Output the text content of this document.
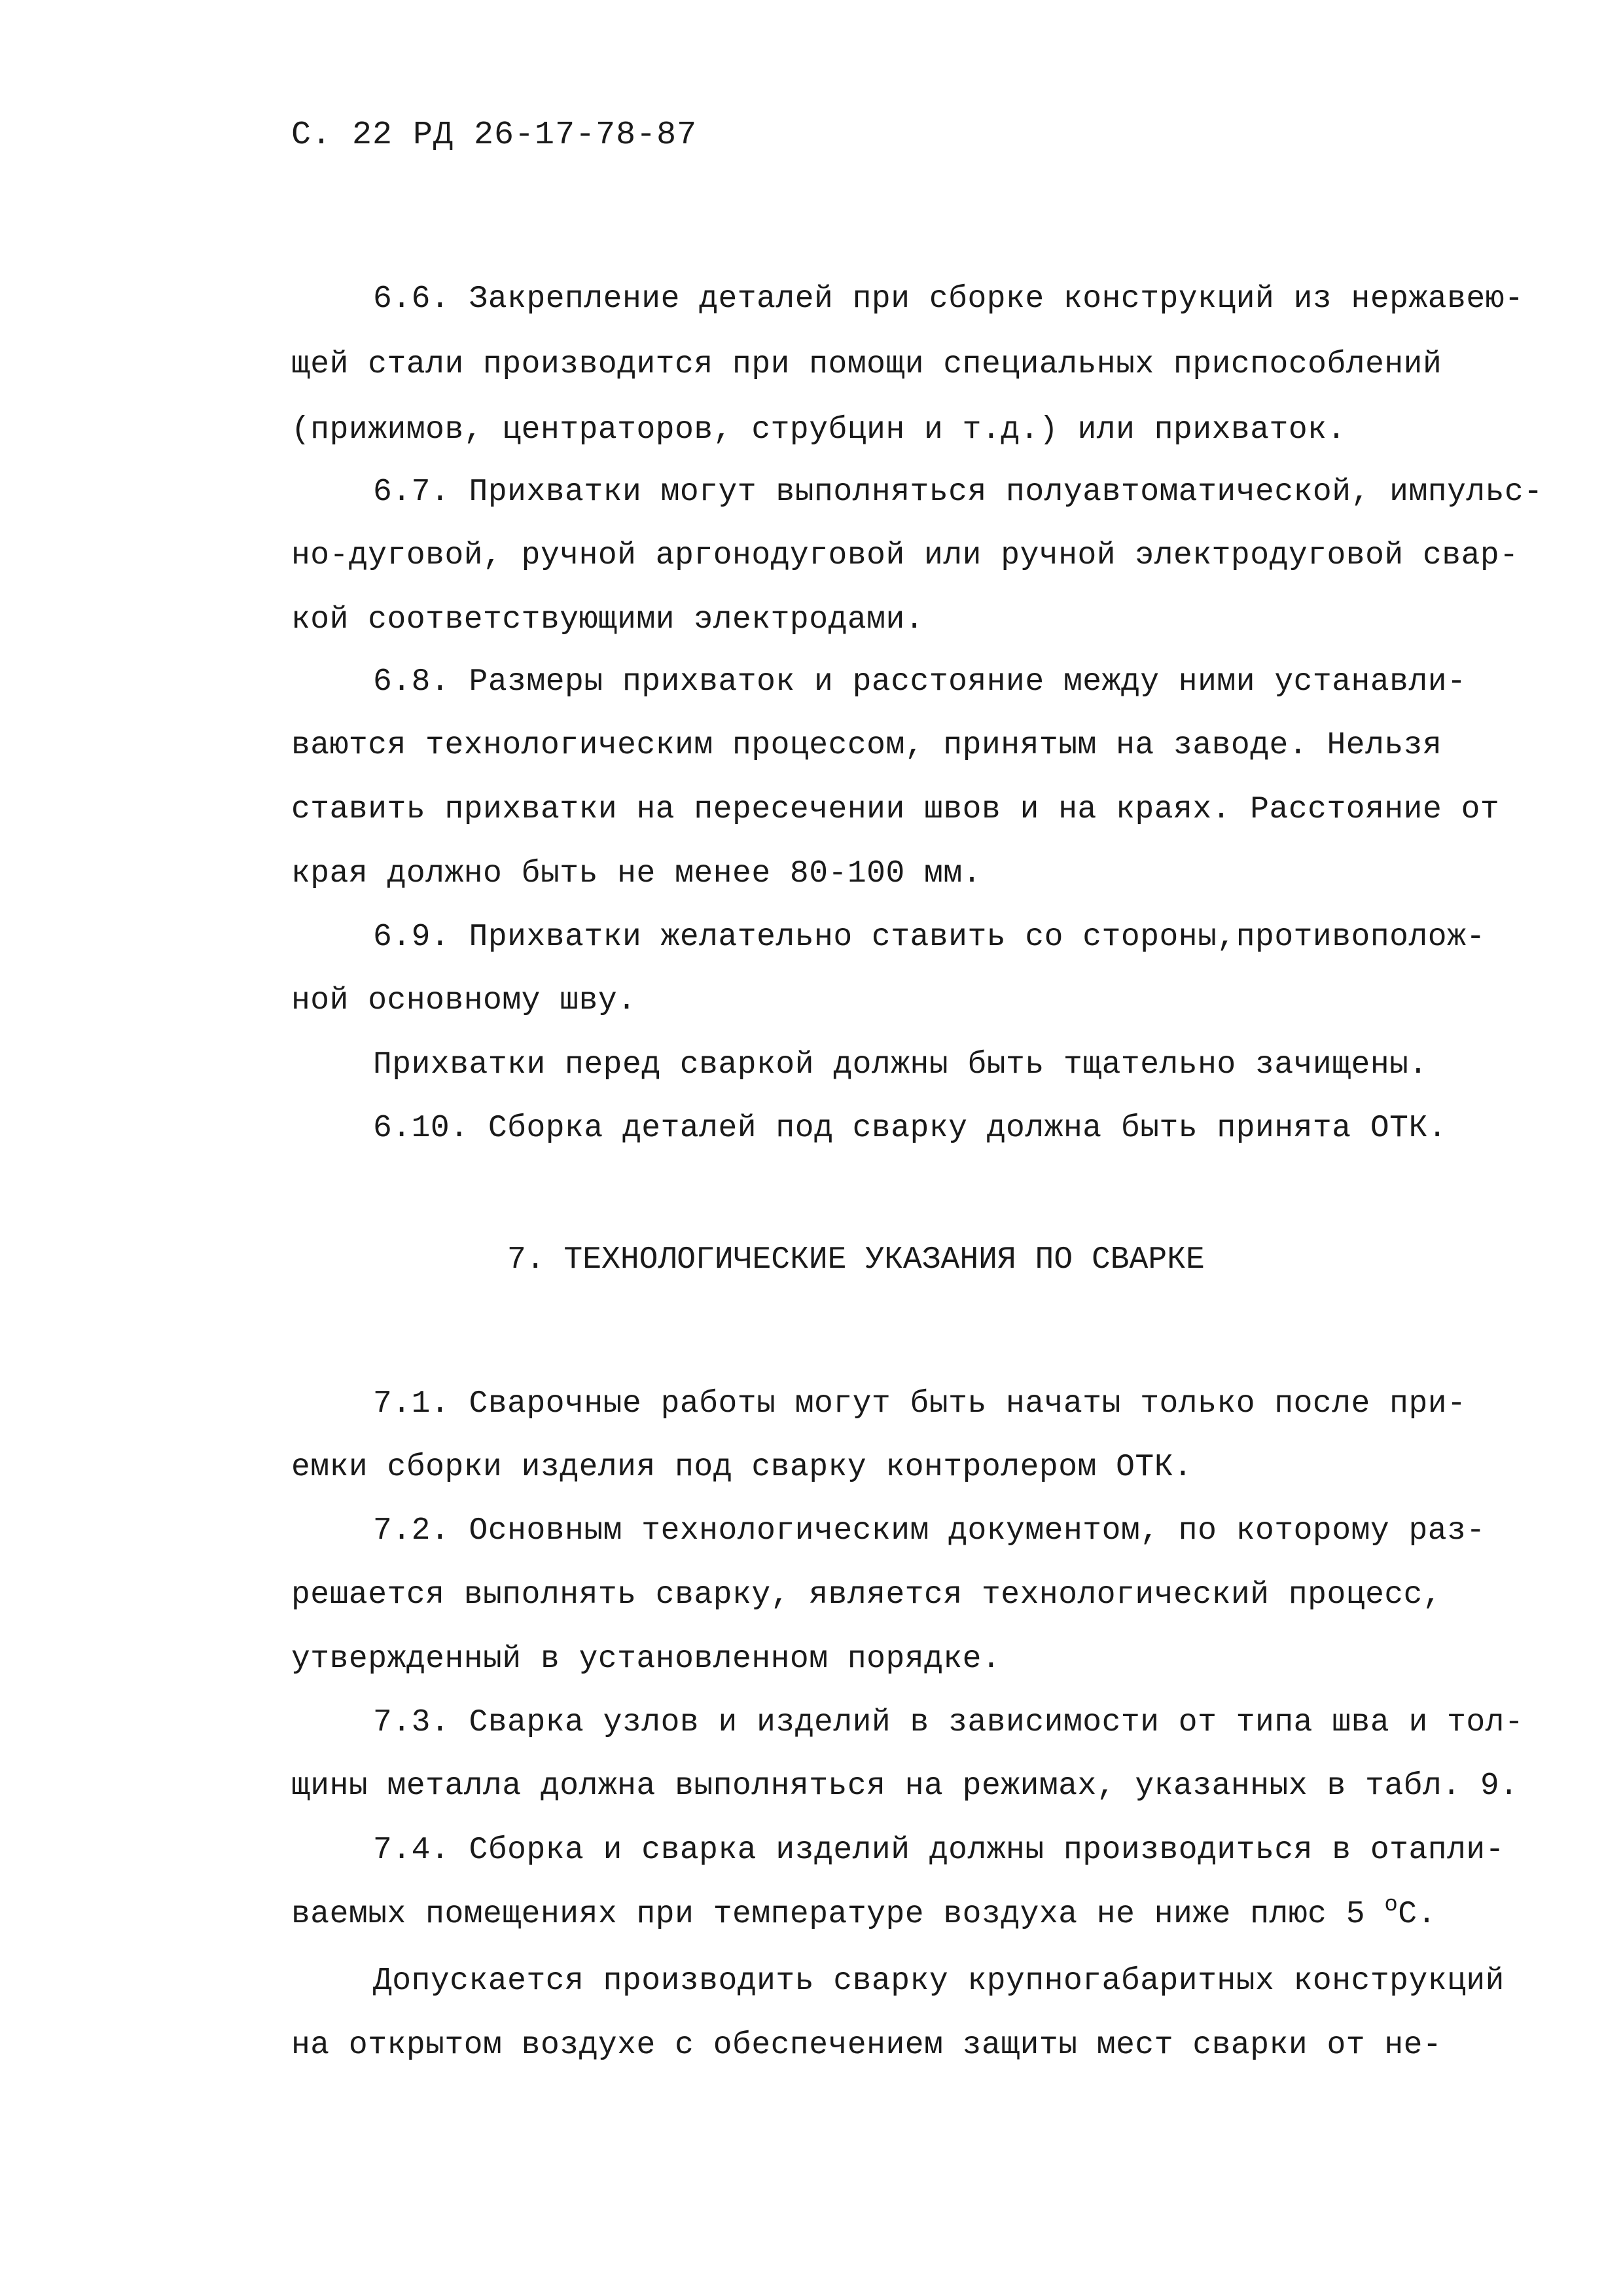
С. 22 РД 26-17-78-87
6.6. Закрепление деталей при сборке конструкций из нержавею-
щей стали производится при помощи специальных приспособлений
(прижимов, центраторов, струбцин и т.д.) или прихваток.
6.7. Прихватки могут выполняться полуавтоматической, импульс-
но-дуговой, ручной аргонодуговой или ручной электродуговой свар-
кой соответствующими электродами.
6.8. Размеры прихваток и расстояние между ними устанавли-
ваются технологическим процессом, принятым на заводе. Нельзя
ставить прихватки на пересечении швов и на краях. Расстояние от
края должно быть не менее 80-100 мм.
6.9. Прихватки желательно ставить со стороны,противополож-
ной основному шву.
Прихватки перед сваркой должны быть тщательно зачищены.
6.10. Сборка деталей под сварку должна быть принята ОТК.
7. ТЕХНОЛОГИЧЕСКИЕ УКАЗАНИЯ ПО СВАРКЕ
7.1. Сварочные работы могут быть начаты только после при-
емки сборки изделия под сварку контролером ОТК.
7.2. Основным технологическим документом, по которому раз-
решается выполнять сварку, является технологический процесс,
утвержденный в установленном порядке.
7.3. Сварка узлов и изделий в зависимости от типа шва и тол-
щины металла должна выполняться на режимах, указанных в табл. 9.
7.4. Сборка и сварка изделий должны производиться в отапли-
ваемых помещениях при температуре воздуха не ниже плюс 5 $^о$С.
Допускается производить сварку крупногабаритных конструкций
на открытом воздухе с обеспечением защиты мест сварки от не-
